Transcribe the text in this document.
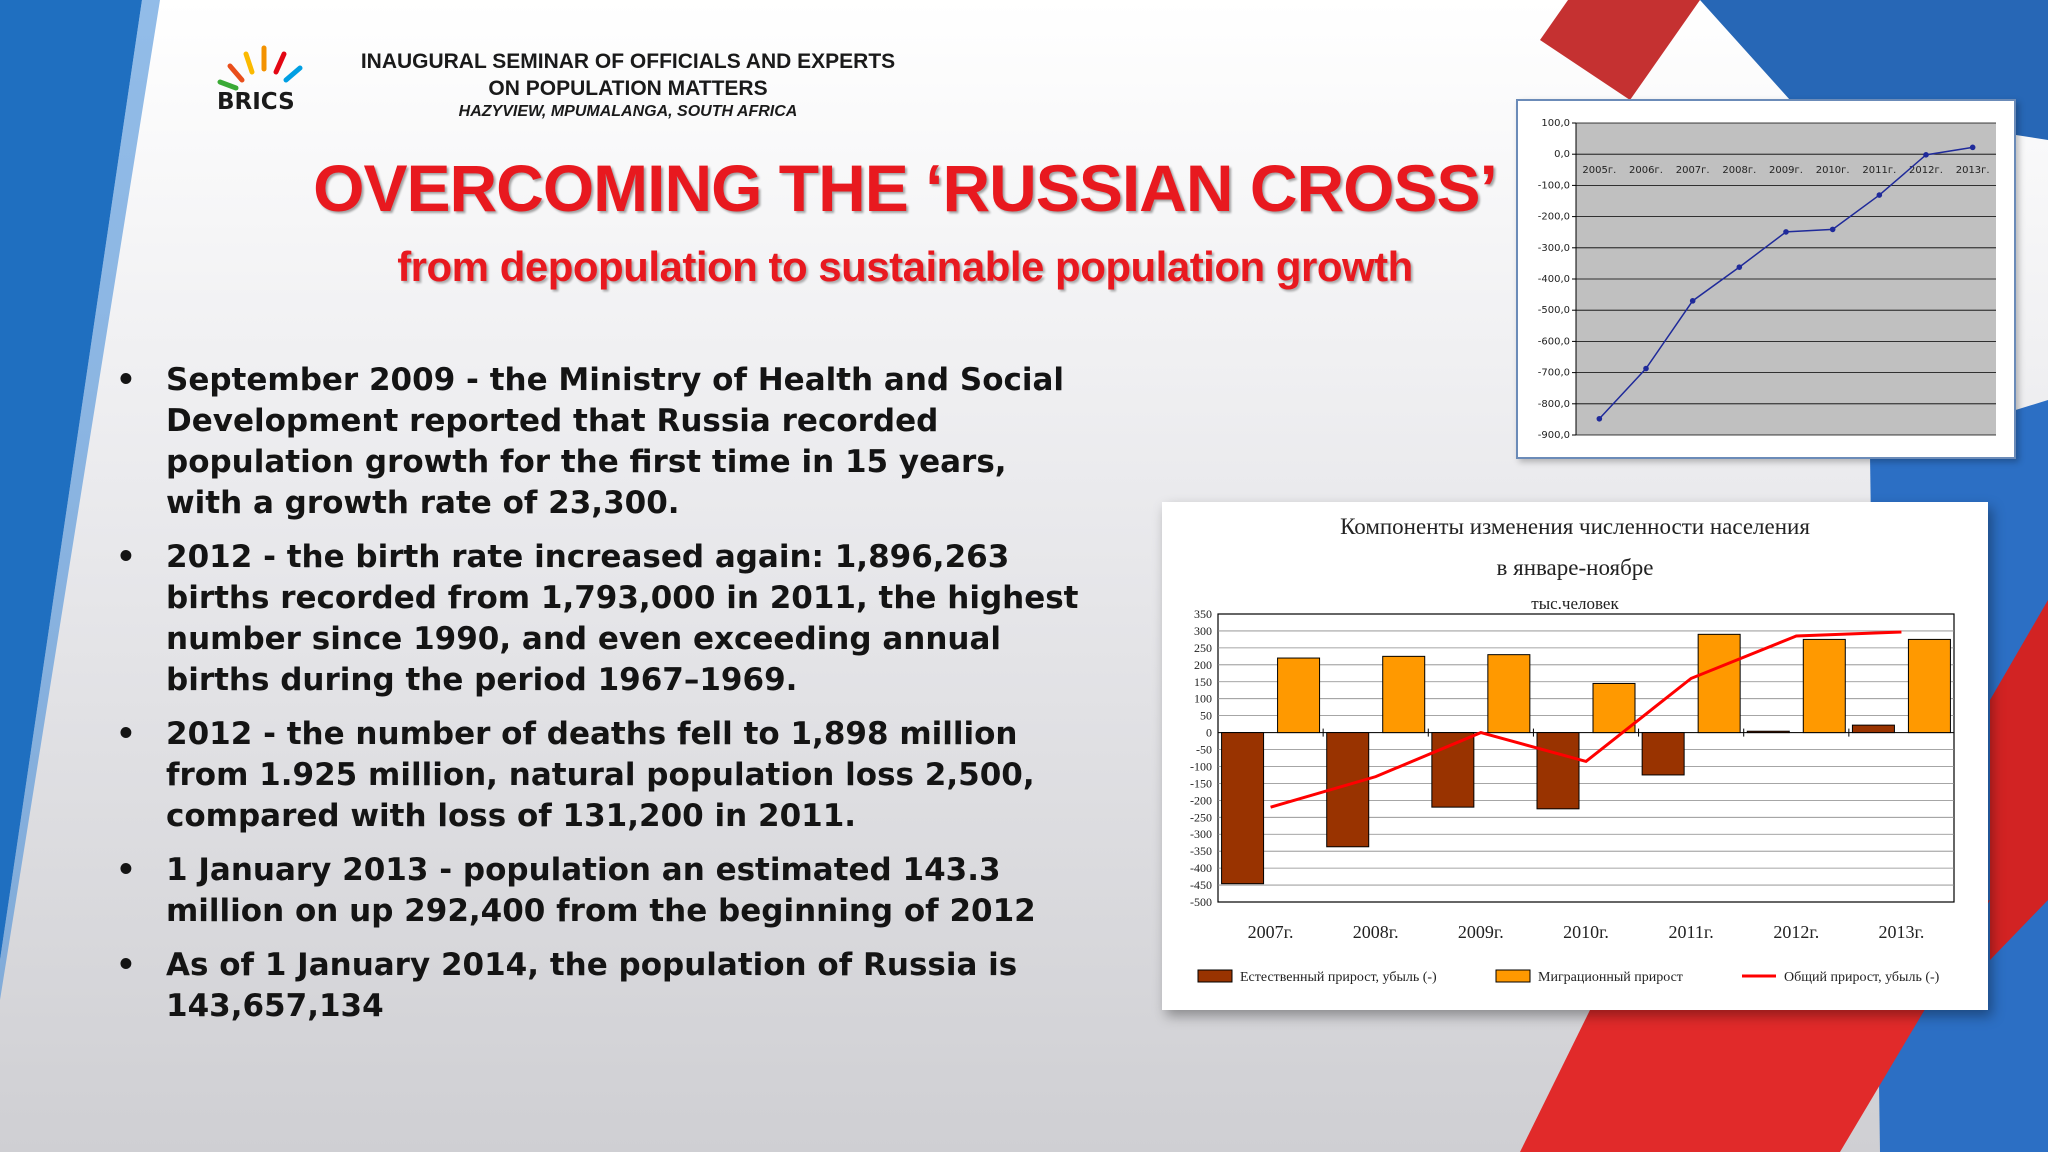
BRICS
INAUGURAL SEMINAR OF OFFICIALS AND EXPERTS
ON POPULATION MATTERS
HAZYVIEW, MPUMALANGA, SOUTH AFRICA
OVERCOMING THE ‘RUSSIAN CROSS’
from depopulation to sustainable population growth
• September 2009 - the Ministry of Health and Social Development reported that Russia recorded population growth for the first time in 15 years, with a growth rate of 23,300.
• 2012 - the birth rate increased again: 1,896,263 births recorded from 1,793,000 in 2011, the highest number since 1990, and even exceeding annual births during the period 1967–1969.
• 2012 - the number of deaths fell to 1,898 million from 1.925 million, natural population loss 2,500, compared with loss of 131,200 in 2011.
• 1 January 2013 - population an estimated 143.3 million on up 292,400 from the beginning of 2012
• As of 1 January 2014, the population of Russia is 143,657,134
100,0
0,0
-100,0
-200,0
-300,0
-400,0
-500,0
-600,0
-700,0
-800,0
-900,0
2005г. 2006г. 2007г. 2008г. 2009г. 2010г. 2011г. 2012г. 2013г.
Компоненты изменения численности населения
в январе-ноябре
тыс.человек
350
300
250
200
150
100
50
0
-50
-100
-150
-200
-250
-300
-350
-400
-450
-500
2007г.	2008г.	2009г.	2010г.	2011г.	2012г.	2013г.
Естественный прирост, убыль (-)	Миграционный прирост	Общий прирост, убыль (-)
